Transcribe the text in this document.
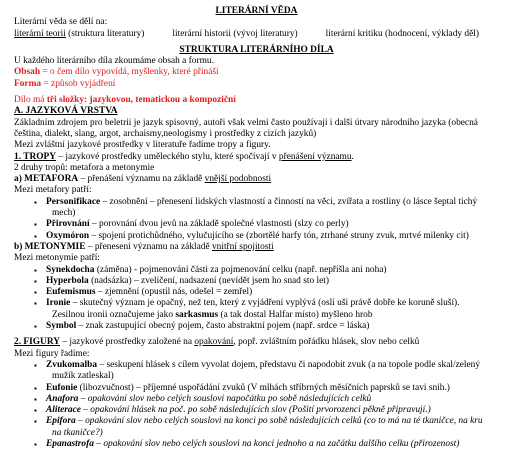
LITERÁRNÍ VĚDA
Literární věda se dělí na:
literární teorii (struktura literatury)	literární historii (vývoj literatury)	literární kritiku (hodnocení, výklady děl)
STRUKTURA LITERÁRNÍHO DÍLA
U každého literárního díla zkoumáme obsah a formu.
Obsah = o čem dílo vypovídá, myšlenky, které přináší
Forma = způsob vyjádření
Dílo má tři složky: jazykovou, tematickou a kompoziční
A. JAZYKOVÁ VRSTVA
Základním zdrojem pro beletrii je jazyk spisovný, autoři však velmi často používají i další útvary národního jazyka (obecná
čeština, dialekt, slang, argot, archaismy,neologismy i prostředky z cizích jazyků)
Mezi zvláštní jazykové prostředky v literatuře řadíme tropy a figury.
1. TROPY – jazykové prostředky uměleckého stylu, které spočívají v přenášení významu.
2 druhy tropů: metafora a metonymie
a) METAFORA – přenášení významu na základě vnější podobnosti
Mezi metafory patří:
▪ Personifikace – zosobnění – přenesení lidských vlastností a činností na věci, zvířata a rostliny (o lásce šeptal tichý
mech)
▪ Přirovnání – porovnání dvou jevů na základě společné vlastnosti (slzy co perly)
▪ Oxymóron – spojení protichůdného, vylučujícího se (zbortělé harfy tón, ztrhané struny zvuk, mrtvé milenky cit)
b) METONYMIE – přenesení významu na základě vnitřní spojitosti
Mezi metonymie patří:
▪ Synekdocha (záměna) - pojmenování části za pojmenování celku (např. nepřišla ani noha)
▪ Hyperbola (nadsázka) – zveličení, nadsazení (nevídět jsem ho snad sto let)
▪ Eufemismus – zjemnění (opustil nás, odešel = zemřel)
▪ Ironie – skutečný význam je opačný, než ten, který z vyjádření vyplývá (oslí uši právě dobře ke koruně sluší).
Zesilnou ironii označujeme jako sarkasmus (a tak dostal Halfar místo) myšleno hrob
▪ Symbol – znak zastupující obecný pojem, často abstraktní pojem (např. srdce = láska)
2. FIGURY – jazykové prostředky založené na opakování, popř. zvláštním pořádku hlásek, slov nebo celků
Mezi figury řadíme:
▪ Zvukomalba – seskupení hlásek s cílem vyvolat dojem, představu či napodobit zvuk (a na topole podle skal/zelený
mužík zatleskal)
▪ Eufonie (libozvučnost) – příjemné uspořádání zvuků (V mlhách stříbrných měsíčních paprsků se tavi snih.)
▪ Anafora – opakování slov nebo celých souslovi napočátku po sobě následujících celků
▪ Aliterace – opakování hlásek na poč. po sobě následujících slov (Pošití prvorozenci pěkně připravují.)
▪ Epifora – opakování slov nebo celých souslovi na konci po sobě následujících celků (co to má na té tkaničce, na kru
na tkaničce?)
▪ Epanastrofa – opakování slov nebo celých souslovi na konci jednoho a na začátku dalšího celku (přirozenost)
